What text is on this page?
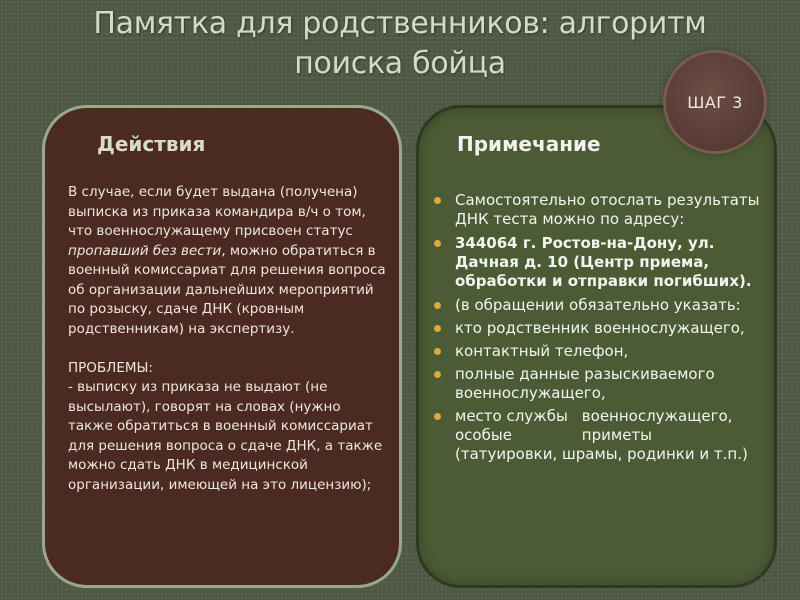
Памятка для родственников: алгоритм
поиска бойца
Действия

В случае, если будет выдана (получена) выписка из приказа командира в/ч о том, что военнослужащему присвоен статус пропавший без вести, можно обратиться в военный комиссариат для решения вопроса об организации дальнейших мероприятий по розыску, сдаче ДНК (кровным родственникам) на экспертизу.

ПРОБЛЕМЫ:

- выписку из приказа не выдают (не высылают), говорят на словах (нужно также обратиться в военный комиссариат для решения вопроса о сдаче ДНК, а также можно сдать ДНК в медицинской организации, имеющей на это лицензию);

Примечание
Самостоятельно отослать результаты ДНК теста можно по адресу:
344064 г. Ростов-на-Дону, ул. Дачная д. 10 (Центр приема, обработки и отправки погибших).
(в обращении обязательно указать:
кто родственник военнослужащего,
контактный телефон,
полные данные разыскиваемого военнослужащего,
место службы
особые
военнослужащего,
приметы
(татуировки, шрамы, родинки и т.п.)
ШАГ 3
